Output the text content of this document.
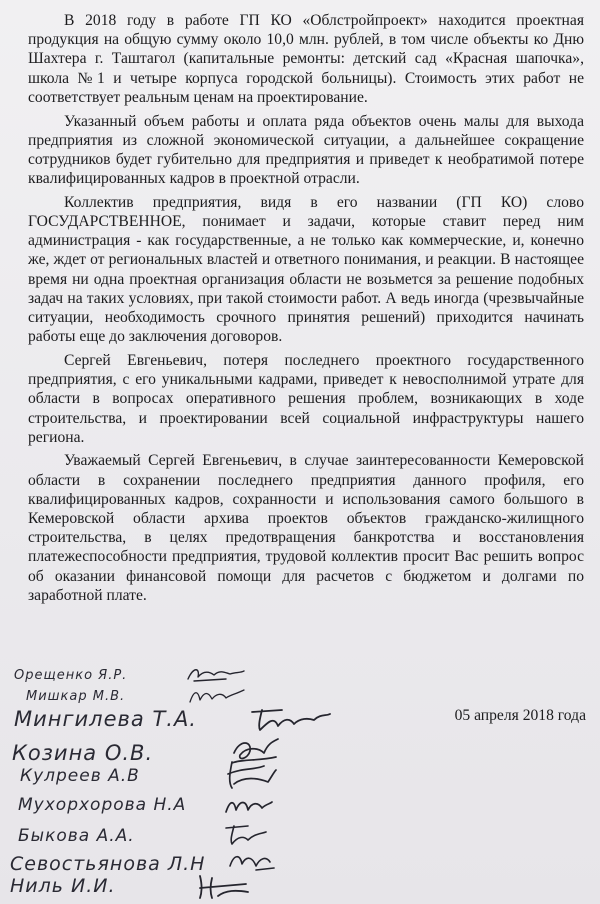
В 2018 году в работе ГП КО «Облстройпроект» находится проектная продукция на общую сумму около 10,0 млн. рублей, в том числе объекты ко Дню Шахтера г. Таштагол (капитальные ремонты: детский сад «Красная шапочка», школа №1 и четыре корпуса городской больницы). Стоимость этих работ не соответствует реальным ценам на проектирование.

Указанный объем работы и оплата ряда объектов очень малы для выхода предприятия из сложной экономической ситуации, а дальнейшее сокращение сотрудников будет губительно для предприятия и приведет к необратимой потере квалифицированных кадров в проектной отрасли.

Коллектив предприятия, видя в его названии (ГП КО) слово ГОСУДАРСТВЕННОЕ, понимает и задачи, которые ставит перед ним администрация - как государственные, а не только как коммерческие, и, конечно же, ждет от региональных властей и ответного понимания, и реакции. В настоящее время ни одна проектная организация области не возьмется за решение подобных задач на таких условиях, при такой стоимости работ. А ведь иногда (чрезвычайные ситуации, необходимость срочного принятия решений) приходится начинать работы еще до заключения договоров.

Сергей Евгеньевич, потеря последнего проектного государственного предприятия, с его уникальными кадрами, приведет к невосполнимой утрате для области в вопросах оперативного решения проблем, возникающих в ходе строительства, и проектировании всей социальной инфраструктуры нашего региона.

Уважаемый Сергей Евгеньевич, в случае заинтересованности Кемеровской области в сохранении последнего предприятия данного профиля, его квалифицированных кадров, сохранности и использования самого большого в Кемеровской области архива проектов объектов гражданско-жилищного строительства, в целях предотвращения банкротства и восстановления платежеспособности предприятия, трудовой коллектив просит Вас решить вопрос об оказании финансовой помощи для расчетов с бюджетом и долгами по заработной плате.

05 апреля 2018 года

Орещенко Я.Р.

Мишкар М.В.

Мингилева Т.А.

Козина О.В.

Кулреев А.В

Мухорхорова Н.А

Быкова А.А.

Севостьянова Л.Н

Ниль И.И.
